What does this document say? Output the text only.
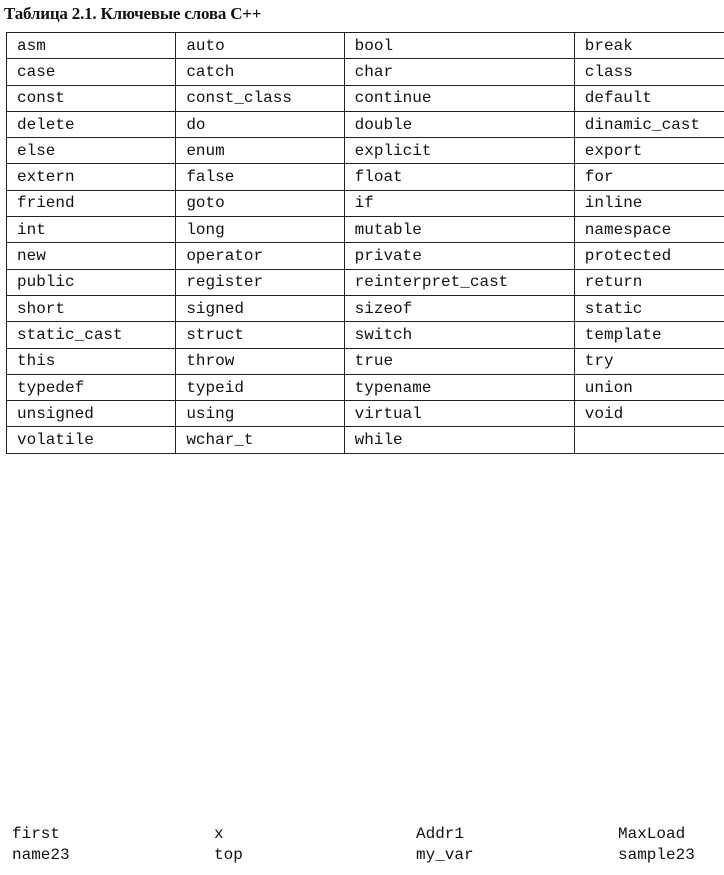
Таблица 2.1. Ключевые слова C++
asm	auto	bool	break
case	catch	char	class
const	const_class	continue	default
delete	do	double	dinamic_cast
else	enum	explicit	export
extern	false	float	for
friend	goto	if	inline
int	long	mutable	namespace
new	operator	private	protected
public	register	reinterpret_cast	return
short	signed	sizeof	static
static_cast	struct	switch	template
this	throw	true	try
typedef	typeid	typename	union
unsigned	using	virtual	void
volatile	wchar_t	while	
first	x	Addr1	MaxLoad
name23	top	my_var	sample23
